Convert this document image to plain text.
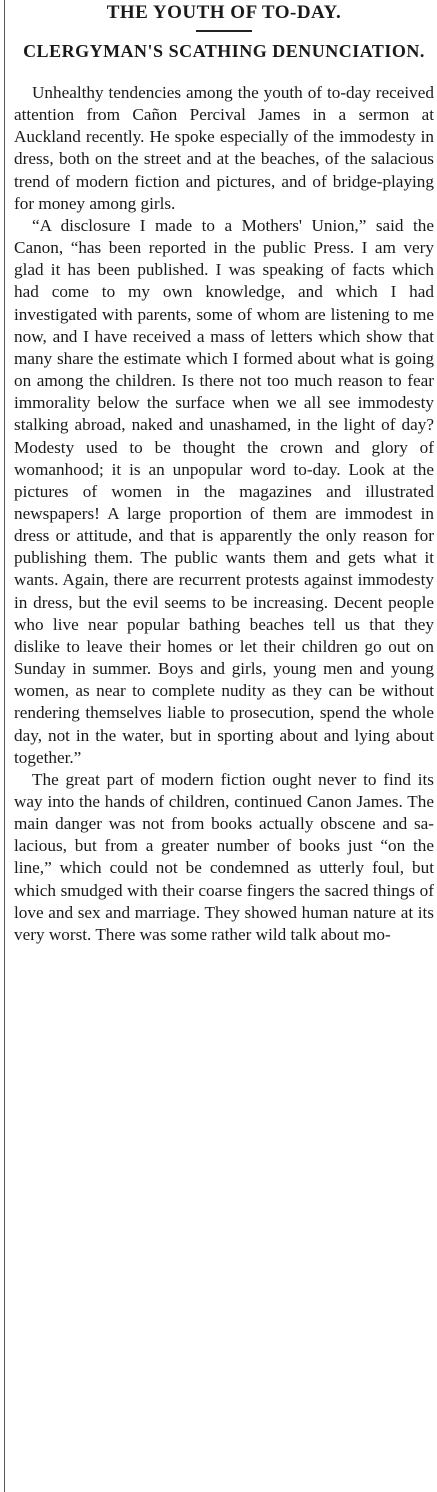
THE YOUTH OF TO-DAY.
CLERGYMAN'S SCATHING DENUNCIATION.

Unhealthy tendencies among the youth of to-day received attention from Cañon Percival James in a sermon at Auckland recently. He spoke especially of the immodesty in dress, both on the street and at the beaches, of the salacious trend of modern fiction and pictures, and of bridge-playing for money among girls.

“A disclosure I made to a Mothers' Union,” said the Canon, “has been reported in the public Press. I am very glad it has been published. I was speaking of facts which had come to my own knowledge, and which I had investigated with parents, some of whom are listening to me now, and I have received a mass of letters which show that many share the estimate which I formed about what is going on among the children. Is there not too much reason to fear immorality below the surface when we all see immodesty stalking abroad, naked and unashamed, in the light of day? Modesty used to be thought the crown and glory of womanhood; it is an unpopular word to-day. Look at the pictures of women in the magazines and illustrated newspapers! A large proportion of them are immodest in dress or attitude, and that is apparently the only reason for publishing them. The public wants them and gets what it wants. Again, there are recurrent protests against immodesty in dress, but the evil seems to be increasing. Decent people who live near popular bathing beaches tell us that they dislike to leave their homes or let their children go out on Sunday in summer. Boys and girls, young men and young women, as near to complete nudity as they can be without rendering themselves liable to prosecution, spend the whole day, not in the water, but in sporting about and lying about together.”

The great part of modern fiction ought never to find its way into the hands of children, continued Canon James. The main danger was not from books actually obscene and salacious, but from a greater number of books just “on the line,” which could not be condemned as utterly foul, but which smudged with their coarse fingers the sacred things of love and sex and marriage. They showed human nature at its very worst. There was some rather wild talk about mo-
